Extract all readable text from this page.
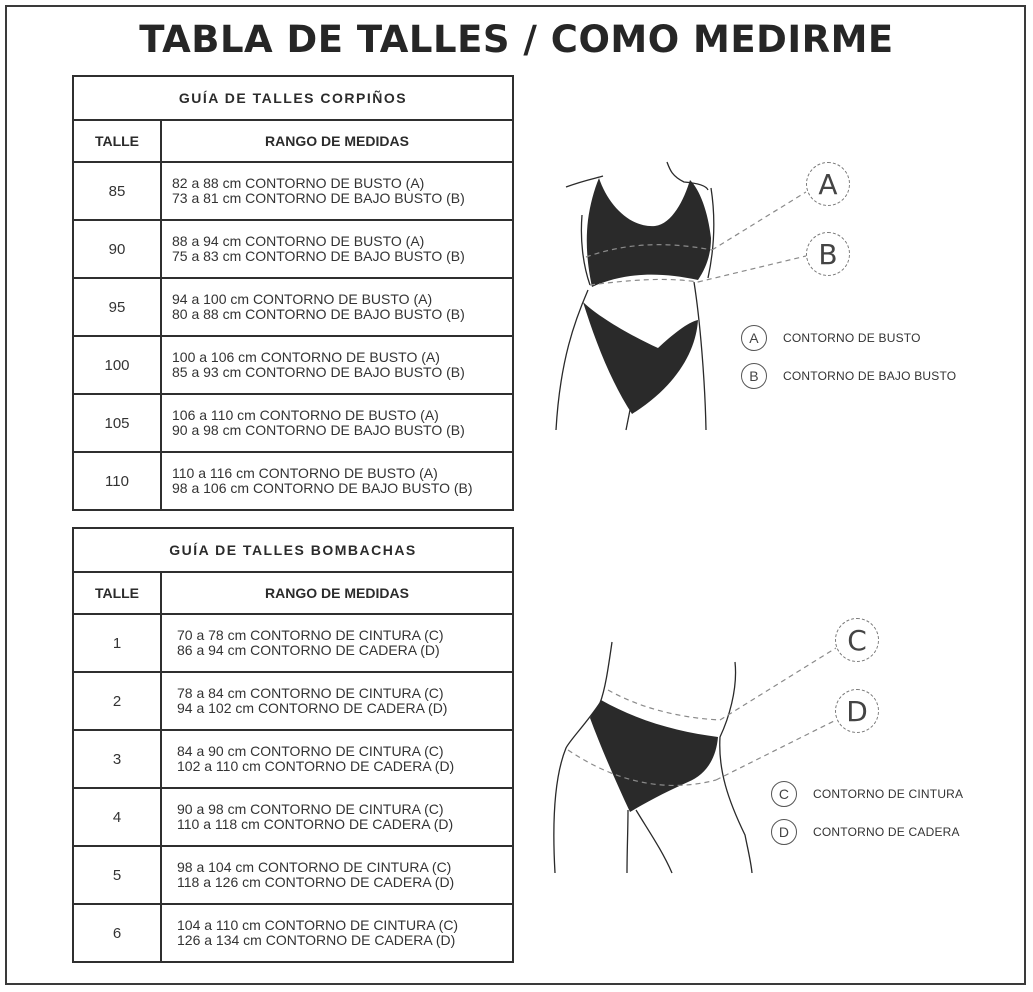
TABLA DE TALLES / COMO MEDIRME
GUÍA DE TALLES CORPIÑOS	
TALLE	RANGO DE MEDIDAS
85	82 a 88 cm CONTORNO DE BUSTO (A)
73 a 81 cm CONTORNO DE BAJO BUSTO (B)

90	88 a 94 cm CONTORNO DE BUSTO (A)
75 a 83 cm CONTORNO DE BAJO BUSTO (B)

95	94 a 100 cm CONTORNO DE BUSTO (A)
80 a 88 cm CONTORNO DE BAJO BUSTO (B)

100	100 a 106 cm CONTORNO DE BUSTO (A)
85 a 93 cm CONTORNO DE BAJO BUSTO (B)

105	106 a 110 cm CONTORNO DE BUSTO (A)
90 a 98 cm CONTORNO DE BAJO BUSTO (B)

110	110 a 116 cm CONTORNO DE BUSTO (A)
98 a 106 cm CONTORNO DE BAJO BUSTO (B)
GUÍA DE TALLES BOMBACHAS	
TALLE	RANGO DE MEDIDAS
1	70 a 78 cm CONTORNO DE CINTURA (C)
86 a 94 cm CONTORNO DE CADERA (D)

2	78 a 84 cm CONTORNO DE CINTURA (C)
94 a 102 cm CONTORNO DE CADERA (D)

3	84 a 90 cm CONTORNO DE CINTURA (C)
102 a 110 cm CONTORNO DE CADERA (D)

4	90 a 98 cm CONTORNO DE CINTURA (C)
110 a 118 cm CONTORNO DE CADERA (D)

5	98 a 104 cm CONTORNO DE CINTURA (C)
118 a 126 cm CONTORNO DE CADERA (D)

6	104 a 110 cm CONTORNO DE CINTURA (C)
126 a 134 cm CONTORNO DE CADERA (D)
A
B
C
D
A	CONTORNO DE BUSTO
B	CONTORNO DE BAJO BUSTO
C	CONTORNO DE CINTURA
D	CONTORNO DE CADERA
